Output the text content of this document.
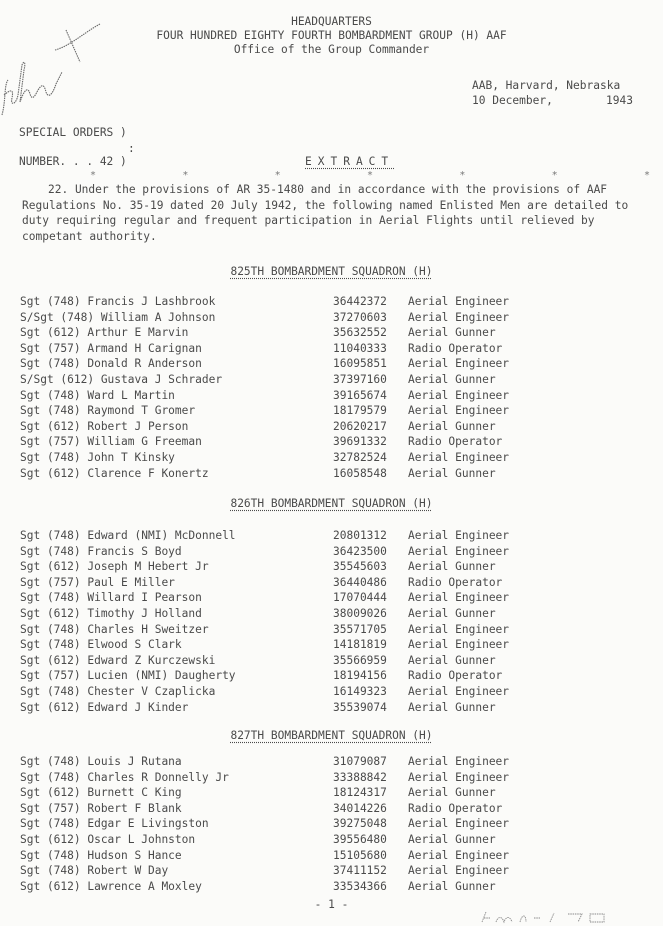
HEADQUARTERS
FOUR HUNDRED EIGHTY FOURTH BOMBARDMENT GROUP (H) AAF
Office of the Group Commander
AAB, Harvard, Nebraska
10 December,	1943
SPECIAL ORDERS )
:
NUMBER. . . 42 )	EXTRACT
*	*	*	*	*	*	*
22. Under the provisions of AR 35-1480 and in accordance with the provisions of AAF Regulations No. 35-19 dated 20 July 1942, the following named Enlisted Men are detailed to duty requiring regular and frequent participation in Aerial Flights until relieved by competant authority.
825TH BOMBARDMENT SQUADRON (H)
Sgt (748) Francis J Lashbrook	36442372	Aerial Engineer
S/Sgt (748) William A Johnson	37270603	Aerial Engineer
Sgt (612) Arthur E Marvin	35632552	Aerial Gunner
Sgt (757) Armand H Carignan	11040333	Radio Operator
Sgt (748) Donald R Anderson	16095851	Aerial Engineer
S/Sgt (612) Gustava J Schrader	37397160	Aerial Gunner
Sgt (748) Ward L Martin	39165674	Aerial Engineer
Sgt (748) Raymond T Gromer	18179579	Aerial Engineer
Sgt (612) Robert J Person	20620217	Aerial Gunner
Sgt (757) William G Freeman	39691332	Radio Operator
Sgt (748) John T Kinsky	32782524	Aerial Engineer
Sgt (612) Clarence F Konertz	16058548	Aerial Gunner
826TH BOMBARDMENT SQUADRON (H)
Sgt (748) Edward (NMI) McDonnell	20801312	Aerial Engineer
Sgt (748) Francis S Boyd	36423500	Aerial Engineer
Sgt (612) Joseph M Hebert Jr	35545603	Aerial Gunner
Sgt (757) Paul E Miller	36440486	Radio Operator
Sgt (748) Willard I Pearson	17070444	Aerial Engineer
Sgt (612) Timothy J Holland	38009026	Aerial Gunner
Sgt (748) Charles H Sweitzer	35571705	Aerial Engineer
Sgt (748) Elwood S Clark	14181819	Aerial Engineer
Sgt (612) Edward Z Kurczewski	35566959	Aerial Gunner
Sgt (757) Lucien (NMI) Daugherty	18194156	Radio Operator
Sgt (748) Chester V Czaplicka	16149323	Aerial Engineer
Sgt (612) Edward J Kinder	35539074	Aerial Gunner
827TH BOMBARDMENT SQUADRON (H)
Sgt (748) Louis J Rutana	31079087	Aerial Engineer
Sgt (748) Charles R Donnelly Jr	33388842	Aerial Engineer
Sgt (612) Burnett C King	18124317	Aerial Gunner
Sgt (757) Robert F Blank	34014226	Radio Operator
Sgt (748) Edgar E Livingston	39275048	Aerial Engineer
Sgt (612) Oscar L Johnston	39556480	Aerial Gunner
Sgt (748) Hudson S Hance	15105680	Aerial Engineer
Sgt (748) Robert W Day	37411152	Aerial Engineer
Sgt (612) Lawrence A Moxley	33534366	Aerial Gunner
- 1 -
